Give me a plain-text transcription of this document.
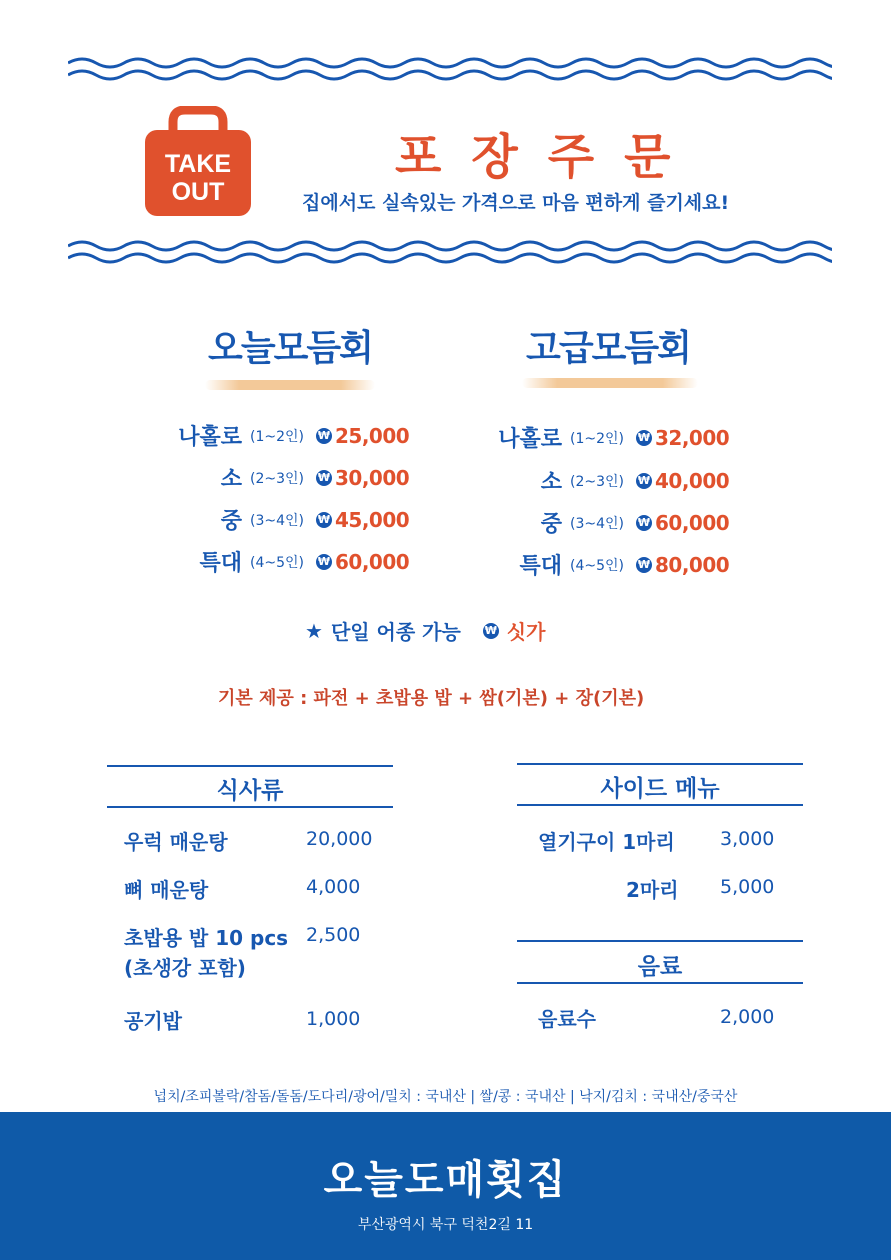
TAKE
OUT
포장주문
집에서도 실속있는 가격으로 마음 편하게 즐기세요!
오늘모듬회	고급모듬회
나홀로 (1~2인) ₩ 25,000
소 (2~3인) ₩ 30,000
중 (3~4인) ₩ 45,000
특대 (4~5인) ₩ 60,000
나홀로 (1~2인) ₩ 32,000
소 (2~3인) ₩ 40,000
중 (3~4인) ₩ 60,000
특대 (4~5인) ₩ 80,000
★ 단일 어종 가능 ₩ 싯가
기본 제공 : 파전 + 초밥용 밥 + 쌈(기본) + 장(기본)
식사류
우럭 매운탕	20,000
뼈 매운탕	4,000
초밥용 밥 10 pcs
(초생강 포함)
2,500
공기밥	1,000
사이드 메뉴
열기구이 1마리 3,000
2마리 5,000
음료
음료수	2,000
넙치/조피볼락/참돔/돌돔/도다리/광어/밀치 : 국내산 | 쌀/콩 : 국내산 | 낙지/김치 : 국내산/중국산
오늘도매횟집
부산광역시 북구 덕천2길 11
